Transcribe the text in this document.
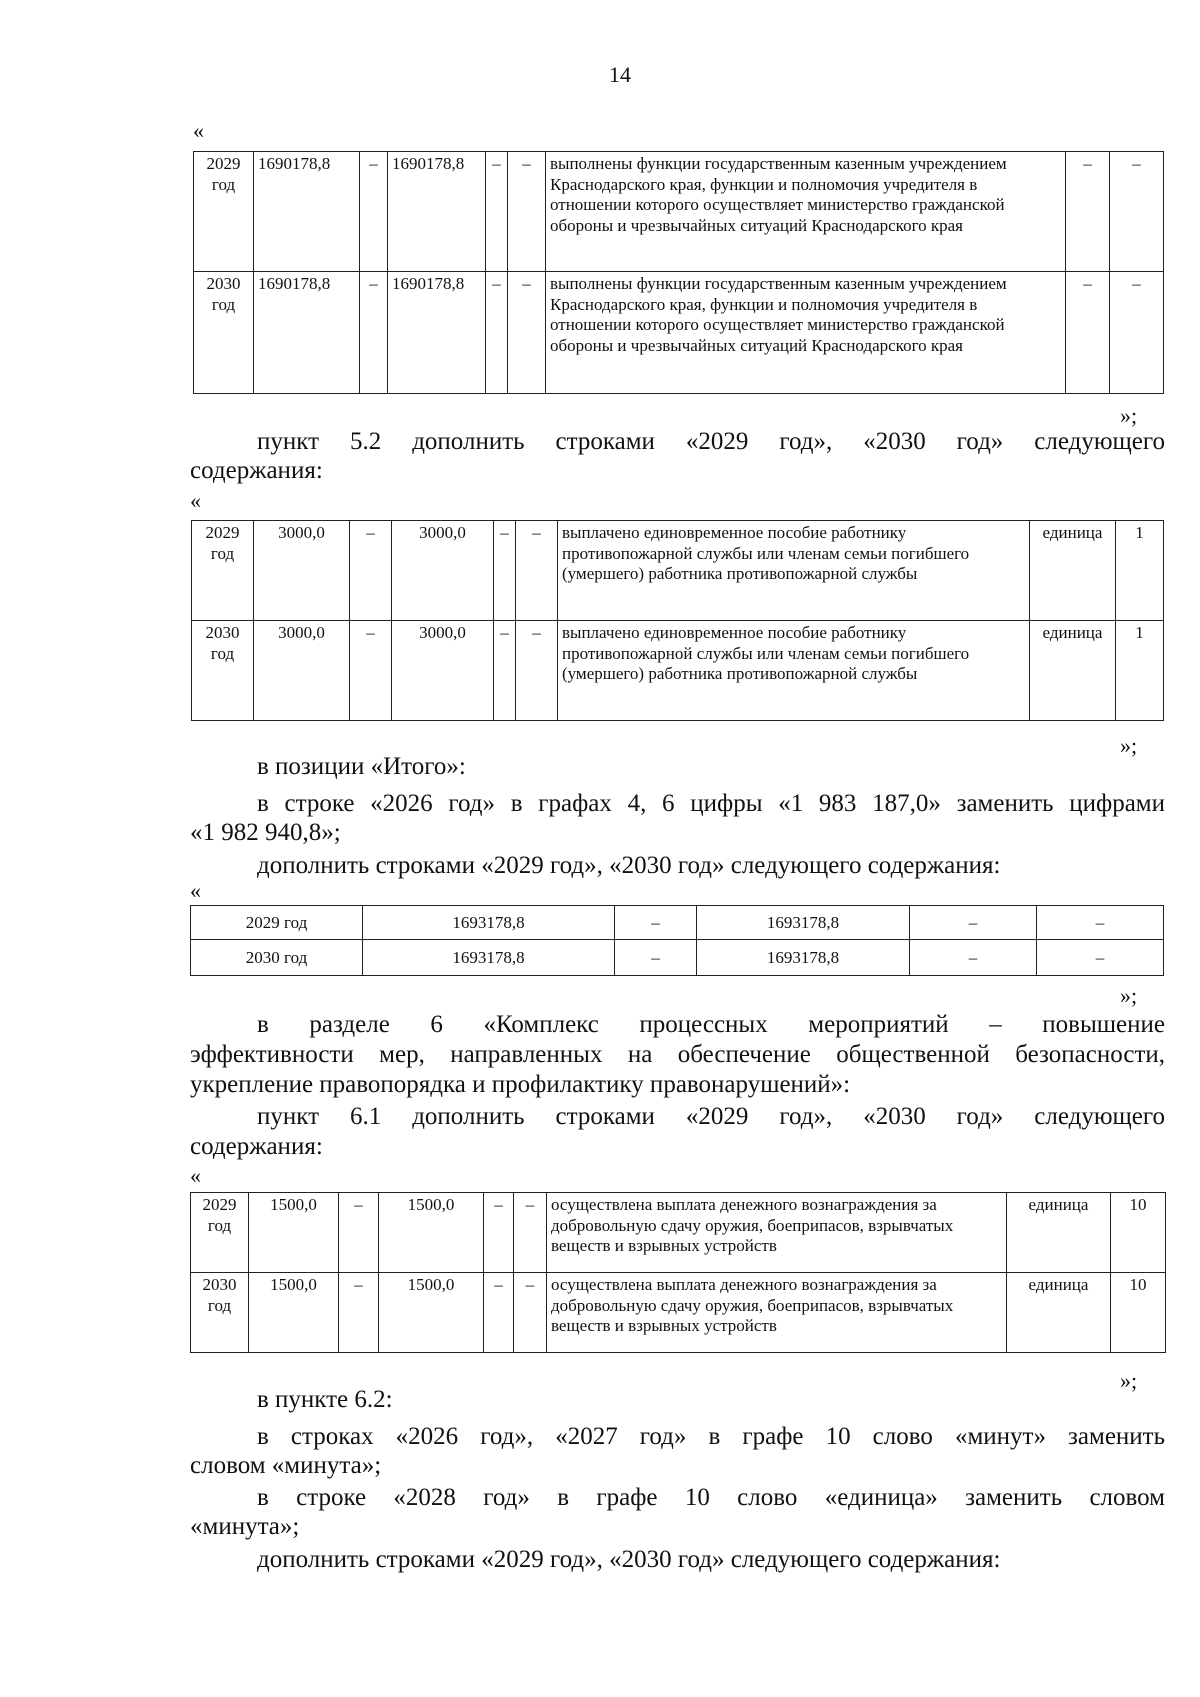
14
«
2029 год	1690178,8	–	1690178,8	–	–	выполнены функции государственным казенным учреждением Краснодарского края, функции и полномочия учредителя в отношении которого осуществляет министерство гражданской обороны и чрезвычайных ситуаций Краснодарского края	–	–
2030 год	1690178,8	–	1690178,8	–	–	выполнены функции государственным казенным учреждением Краснодарского края, функции и полномочия учредителя в отношении которого осуществляет министерство гражданской обороны и чрезвычайных ситуаций Краснодарского края	–	–
»;
пункт 5.2 дополнить строками «2029 год», «2030 год» следующего
содержания:
«
2029 год	3000,0	–	3000,0	–	–	выплачено единовременное пособие работнику противопожарной службы или членам семьи погибшего (умершего) работника противопожарной службы	единица	1
2030 год	3000,0	–	3000,0	–	–	выплачено единовременное пособие работнику противопожарной службы или членам семьи погибшего (умершего) работника противопожарной службы	единица	1
»;
в позиции «Итого»:
в строке «2026 год» в графах 4, 6 цифры «1 983 187,0» заменить цифрами
«1 982 940,8»;
дополнить строками «2029 год», «2030 год» следующего содержания:
«
2029 год	1693178,8	–	1693178,8	–	–
2030 год	1693178,8	–	1693178,8	–	–
»;
в разделе 6 «Комплекс процессных мероприятий – повышение
эффективности мер, направленных на обеспечение общественной безопасности,
укрепление правопорядка и профилактику правонарушений»:
пункт 6.1 дополнить строками «2029 год», «2030 год» следующего
содержания:
«
2029 год	1500,0	–	1500,0	–	–	осуществлена выплата денежного вознаграждения за добровольную сдачу оружия, боеприпасов, взрывчатых веществ и взрывных устройств	единица	10
2030 год	1500,0	–	1500,0	–	–	осуществлена выплата денежного вознаграждения за добровольную сдачу оружия, боеприпасов, взрывчатых веществ и взрывных устройств	единица	10
»;
в пункте 6.2:
в строках «2026 год», «2027 год» в графе 10 слово «минут» заменить
словом «минута»;
в строке «2028 год» в графе 10 слово «единица» заменить словом
«минута»;
дополнить строками «2029 год», «2030 год» следующего содержания:
